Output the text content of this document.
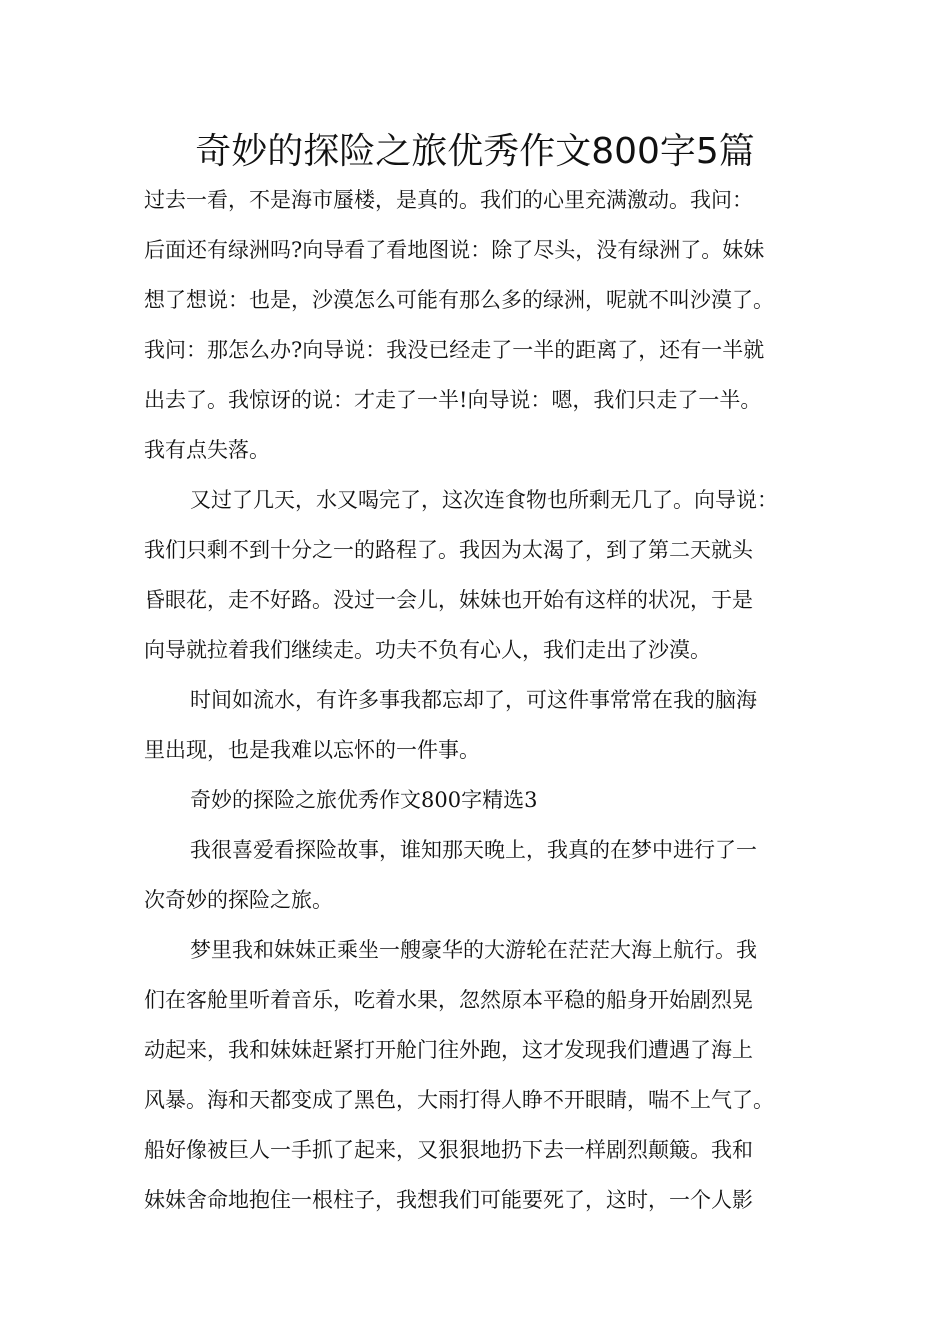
奇妙的探险之旅优秀作文800字5篇
过去一看，不是海市蜃楼，是真的。我们的心里充满激动。我问：
后面还有绿洲吗?向导看了看地图说：除了尽头，没有绿洲了。妹妹
想了想说：也是，沙漠怎么可能有那么多的绿洲，呢就不叫沙漠了。
我问：那怎么办?向导说：我没已经走了一半的距离了，还有一半就
出去了。我惊讶的说：才走了一半!向导说：嗯，我们只走了一半。
我有点失落。
又过了几天，水又喝完了，这次连食物也所剩无几了。向导说：
我们只剩不到十分之一的路程了。我因为太渴了，到了第二天就头
昏眼花，走不好路。没过一会儿，妹妹也开始有这样的状况，于是
向导就拉着我们继续走。功夫不负有心人，我们走出了沙漠。
时间如流水，有许多事我都忘却了，可这件事常常在我的脑海
里出现，也是我难以忘怀的一件事。
奇妙的探险之旅优秀作文800字精选3
我很喜爱看探险故事，谁知那天晚上，我真的在梦中进行了一
次奇妙的探险之旅。
梦里我和妹妹正乘坐一艘豪华的大游轮在茫茫大海上航行。我
们在客舱里听着音乐，吃着水果，忽然原本平稳的船身开始剧烈晃
动起来，我和妹妹赶紧打开舱门往外跑，这才发现我们遭遇了海上
风暴。海和天都变成了黑色，大雨打得人睁不开眼睛，喘不上气了。
船好像被巨人一手抓了起来，又狠狠地扔下去一样剧烈颠簸。我和
妹妹舍命地抱住一根柱子，我想我们可能要死了，这时，一个人影
